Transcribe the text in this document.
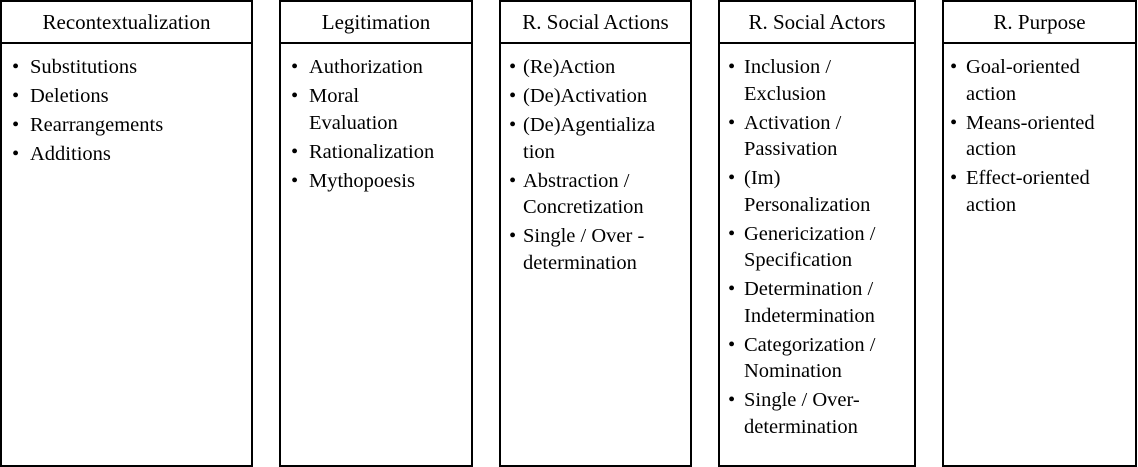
Recontextualization
• Substitutions
• Deletions
• Rearrangements
• Additions
Legitimation
• Authorization
• Moral
Evaluation
• Rationalization
• Mythopoesis
R. Social Actions
• (Re)Action
• (De)Activation
• (De)Agentializa
tion
• Abstraction /
Concretization
• Single / Over -
determination
R. Social Actors
• Inclusion /
Exclusion
• Activation /
Passivation
• (Im)
Personalization
• Genericization /
Specification
• Determination /
Indetermination
• Categorization /
Nomination
• Single / Over-
determination
R. Purpose
• Goal-oriented
action
• Means-oriented
action
• Effect-oriented
action
